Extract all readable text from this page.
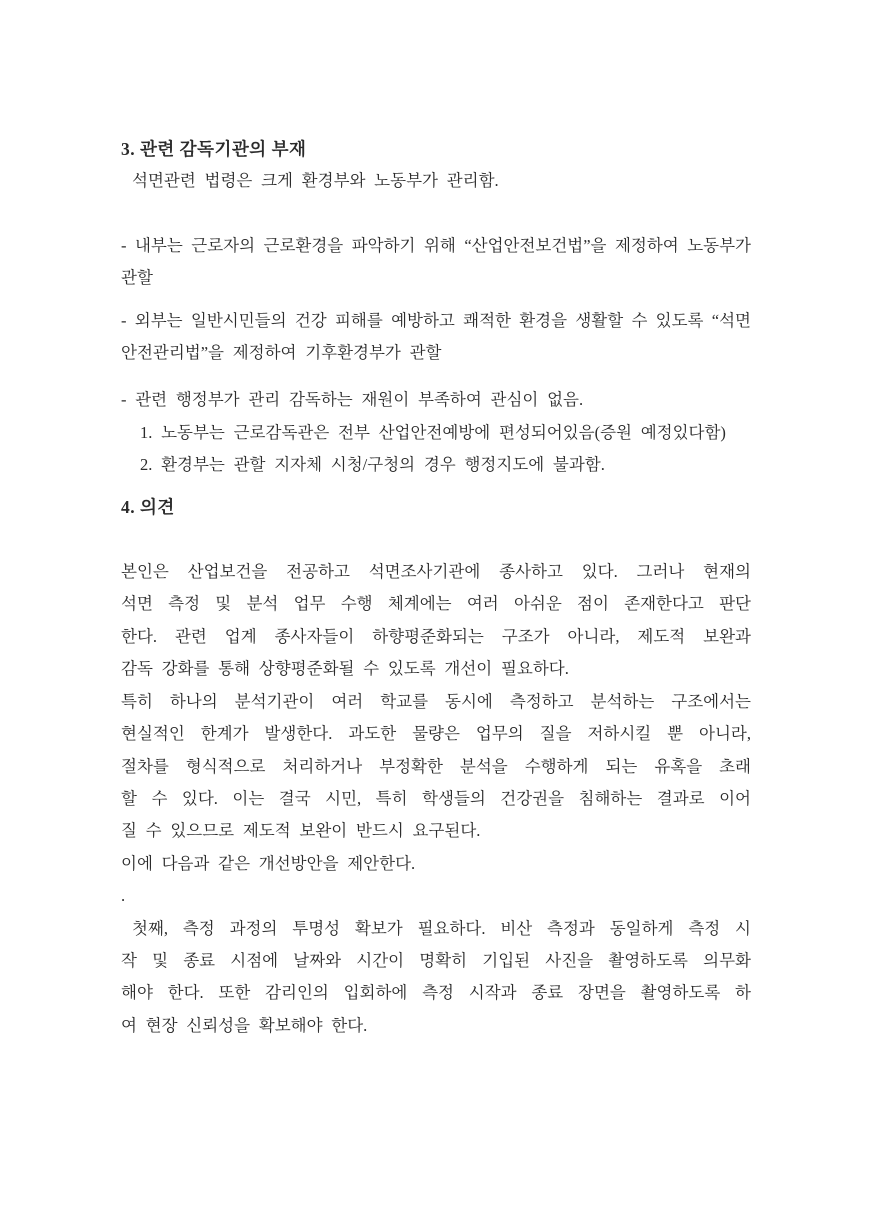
3. 관련 감독기관의 부재

석면관련 법령은 크게 환경부와 노동부가 관리함.

- 내부는 근로자의 근로환경을 파악하기 위해 “산업안전보건법”을 제정하여 노동부가

관할

- 외부는 일반시민들의 건강 피해를 예방하고 쾌적한 환경을 생활할 수 있도록 “석면

안전관리법”을 제정하여 기후환경부가 관할

- 관련 행정부가 관리 감독하는 재원이 부족하여 관심이 없음.

1. 노동부는 근로감독관은 전부 산업안전예방에 편성되어있음(증원 예정있다함)

2. 환경부는 관할 지자체 시청/구청의 경우 행정지도에 불과함.

4. 의견

본인은 산업보건을 전공하고 석면조사기관에 종사하고 있다. 그러나 현재의

석면 측정 및 분석 업무 수행 체계에는 여러 아쉬운 점이 존재한다고 판단

한다. 관련 업계 종사자들이 하향평준화되는 구조가 아니라, 제도적 보완과

감독 강화를 통해 상향평준화될 수 있도록 개선이 필요하다.

특히 하나의 분석기관이 여러 학교를 동시에 측정하고 분석하는 구조에서는

현실적인 한계가 발생한다. 과도한 물량은 업무의 질을 저하시킬 뿐 아니라,

절차를 형식적으로 처리하거나 부정확한 분석을 수행하게 되는 유혹을 초래

할 수 있다. 이는 결국 시민, 특히 학생들의 건강권을 침해하는 결과로 이어

질 수 있으므로 제도적 보완이 반드시 요구된다.

이에 다음과 같은 개선방안을 제안한다.

.

첫째, 측정 과정의 투명성 확보가 필요하다. 비산 측정과 동일하게 측정 시

작 및 종료 시점에 날짜와 시간이 명확히 기입된 사진을 촬영하도록 의무화

해야 한다. 또한 감리인의 입회하에 측정 시작과 종료 장면을 촬영하도록 하

여 현장 신뢰성을 확보해야 한다.
